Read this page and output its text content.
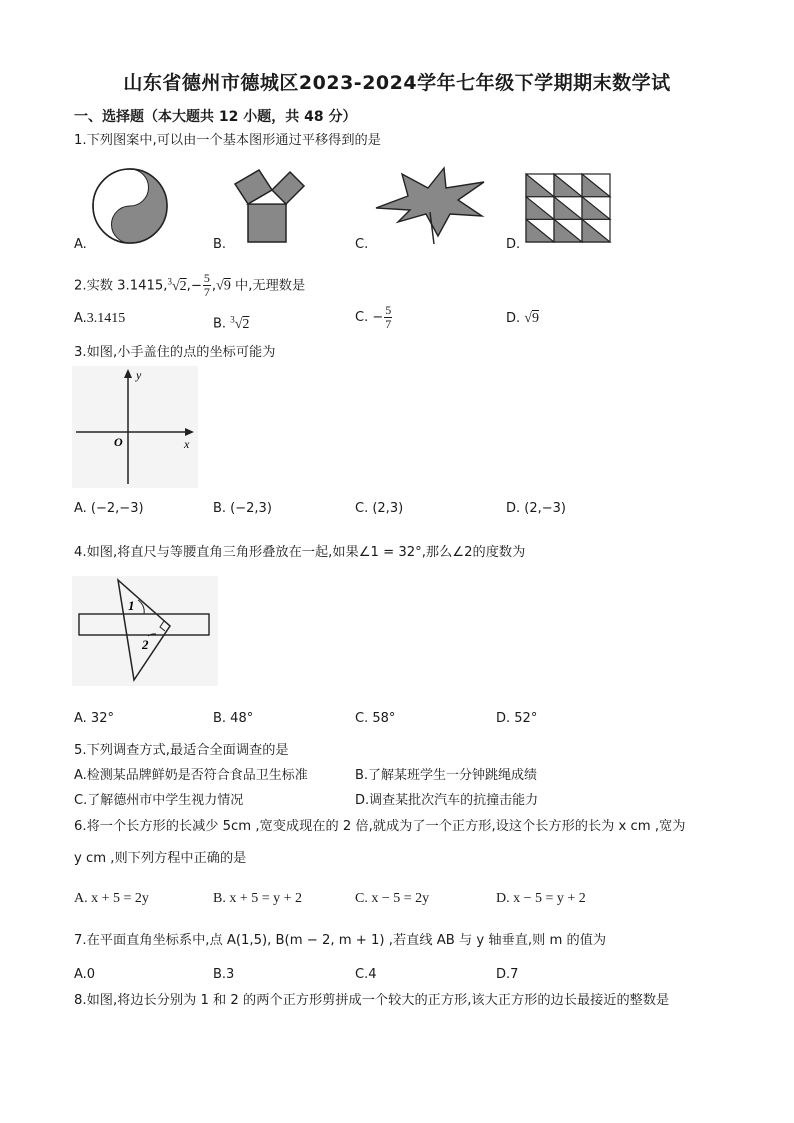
山东省德州市德城区2023-2024学年七年级下学期期末数学试
一、选择题（本大题共 12 小题，共 48 分）
1.下列图案中,可以由一个基本图形通过平移得到的是
A.	B.	C.	D.
2.实数 $3.1415,^3√2,- \frac{5}{7} ,√9$ 中,无理数是
A.3.1415	B. $^3$√2	C. − $\frac{5}{7}$	D. √9
3.如图,小手盖住的点的坐标可能为
y
x
O
A. (−2,−3)	B. (−2,3)	C. (2,3)	D. (2,−3)
4.如图,将直尺与等腰直角三角形叠放在一起,如果∠1 = 32°,那么∠2的度数为
1
2
A. 32°	B. 48°	C. 58°	D. 52°
5.下列调查方式,最适合全面调查的是
A.检测某品牌鲜奶是否符合食品卫生标准	B.了解某班学生一分钟跳绳成绩
C.了解德州市中学生视力情况	D.调查某批次汽车的抗撞击能力
6.将一个长方形的长减少 5cm ,宽变成现在的 2 倍,就成为了一个正方形,设这个长方形的长为 x cm ,宽为
y cm ,则下列方程中正确的是
A. x + 5 = 2y	B. x + 5 = y + 2	C. x − 5 = 2y	D. x − 5 = y + 2
7.在平面直角坐标系中,点 A(1,5), B(m − 2, m + 1) ,若直线 AB 与 y 轴垂直,则 m 的值为
A.0	B.3	C.4	D.7
8.如图,将边长分别为 1 和 2 的两个正方形剪拼成一个较大的正方形,该大正方形的边长最接近的整数是
